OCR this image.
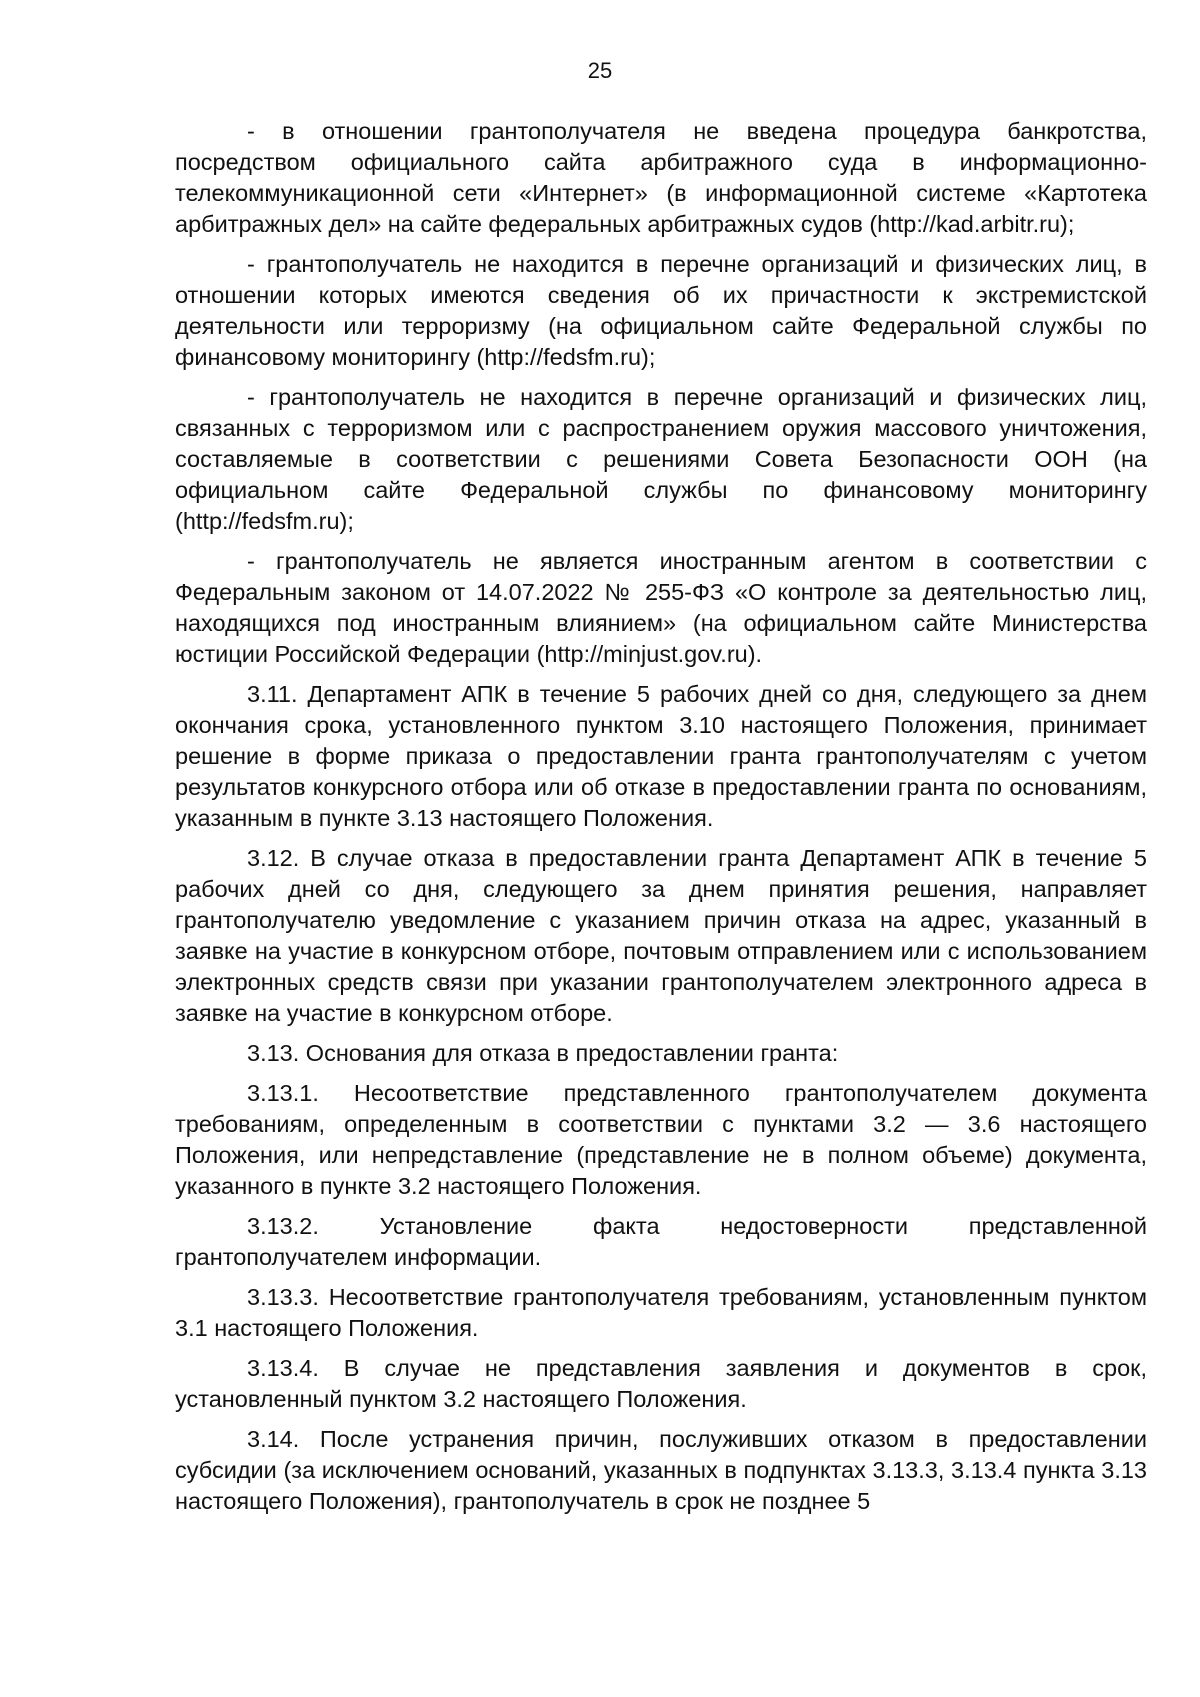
25

- в отношении грантополучателя не введена процедура банкротства, посредством официального сайта арбитражного суда в информационно-телекоммуникационной сети «Интернет» (в информационной системе «Картотека арбитражных дел» на сайте федеральных арбитражных судов (http://kad.arbitr.ru);

- грантополучатель не находится в перечне организаций и физических лиц, в отношении которых имеются сведения об их причастности к экстремистской деятельности или терроризму (на официальном сайте Федеральной службы по финансовому мониторингу (http://fedsfm.ru);

- грантополучатель не находится в перечне организаций и физических лиц, связанных с терроризмом или с распространением оружия массового уничтожения, составляемые в соответствии с решениями Совета Безопасности ООН (на официальном сайте Федеральной службы по финансовому мониторингу (http://fedsfm.ru);

- грантополучатель не является иностранным агентом в соответствии с Федеральным законом от 14.07.2022 № 255-ФЗ «О контроле за деятельностью лиц, находящихся под иностранным влиянием» (на официальном сайте Министерства юстиции Российской Федерации (http://minjust.gov.ru).

3.11. Департамент АПК в течение 5 рабочих дней со дня, следующего за днем окончания срока, установленного пунктом 3.10 настоящего Положения, принимает решение в форме приказа о предоставлении гранта грантополучателям с учетом результатов конкурсного отбора или об отказе в предоставлении гранта по основаниям, указанным в пункте 3.13 настоящего Положения.

3.12. В случае отказа в предоставлении гранта Департамент АПК в течение 5 рабочих дней со дня, следующего за днем принятия решения, направляет грантополучателю уведомление с указанием причин отказа на адрес, указанный в заявке на участие в конкурсном отборе, почтовым отправлением или с использованием электронных средств связи при указании грантополучателем электронного адреса в заявке на участие в конкурсном отборе.

3.13. Основания для отказа в предоставлении гранта:

3.13.1. Несоответствие представленного грантополучателем документа требованиям, определенным в соответствии с пунктами 3.2 — 3.6 настоящего Положения, или непредставление (представление не в полном объеме) документа, указанного в пункте 3.2 настоящего Положения.

3.13.2. Установление факта недостоверности представленной грантополучателем информации.

3.13.3. Несоответствие грантополучателя требованиям, установленным пунктом 3.1 настоящего Положения.

3.13.4. В случае не представления заявления и документов в срок, установленный пунктом 3.2 настоящего Положения.

3.14. После устранения причин, послуживших отказом в предоставлении субсидии (за исключением оснований, указанных в подпунктах 3.13.3, 3.13.4 пункта 3.13 настоящего Положения), грантополучатель в срок не позднее 5
